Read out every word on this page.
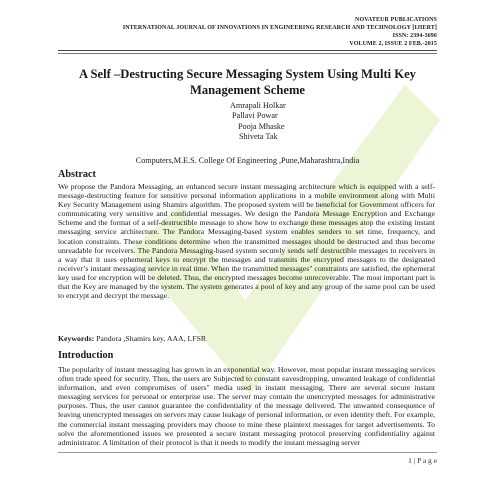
NOVATEUR PUBLICATIONS
INTERNATIONAL JOURNAL OF INNOVATIONS IN ENGINEERING RESEARCH AND TECHNOLOGY [IJIERT]
ISSN: 2394-3696
VOLUME 2, ISSUE 2 FEB.-2015
A Self –Destructing Secure Messaging System Using Multi Key Management Scheme
Amrapali Holkar
Pallavi Powar
Pooja Mhaske
Shiveta Tak
Computers,M.E.S. College Of Engineering ,Pune,Maharashtra,India
Abstract

We propose the Pandora Messaging, an enhanced secure instant messaging architecture which is equipped with a self-message-destructing feature for sensitive personal information applications in a mobile environment along with Multi Key Security Management using Shamirs algorithm. The proposed system will be beneficial for Government officers for communicating very sensitive and confidential messages. We design the Pandora Message Encryption and Exchange Scheme and the format of a self-destructible message to show how to exchange these messages atop the existing instant messaging service architecture. The Pandora Messaging-based system enables senders to set time, frequency, and location constraints. These conditions determine when the transmitted messages should be destructed and thus become unreadable for receivers. The Pandora Messaging-based system securely sends self destructible messages to receivers in a way that it uses ephemeral keys to encrypt the messages and transmits the encrypted messages to the designated receiver’s instant messaging service in real time. When the transmitted messages" constraints are satisfied, the ephemeral key used for encryption will be deleted. Thus, the encrypted messages become unrecoverable. The most important part is that the Key are managed by the system. The system generates a pool of key and any group of the same pool can be used to encrypt and decrypt the message.

Keywords: Pandora ,Shamirs key, AAA, LFSR
Introduction

The popularity of instant messaging has grown in an exponential way. However, most popular instant messaging services often trade speed for security. Thus, the users are Subjected to constant eavesdropping, unwanted leakage of confidential information, and even compromises of users" media used in instant messaging. There are several secure instant messaging services for personal or enterprise use. The server may contain the unencrypted messages for administrative purposes. Thus, the user cannot guarantee the confidentiality of the message delivered. The unwanted consequence of leaving unencrypted messages on servers may cause leakage of personal information, or even identity theft. For example, the commercial instant messaging providers may choose to mine these plaintext messages for target advertisements. To solve the aforementioned issues we presented a secure instant messaging protocol preserving confidentiality against administrator. A limitation of their protocol is that it needs to modify the instant messaging server

1 | P a g e
